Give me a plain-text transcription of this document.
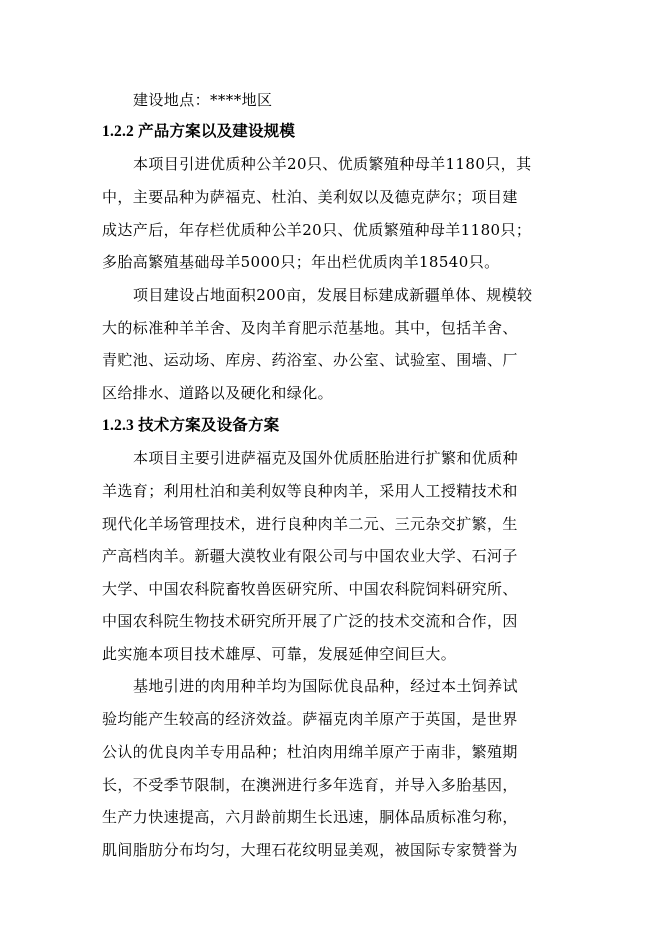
建设地点：****地区
1.2.2 产品方案以及建设规模
本项目引进优质种公羊20只、优质繁殖种母羊1180只，其
中，主要品种为萨福克、杜泊、美利奴以及德克萨尔；项目建
成达产后，年存栏优质种公羊20只、优质繁殖种母羊1180只；
多胎高繁殖基础母羊5000只；年出栏优质肉羊18540只。
项目建设占地面积200亩，发展目标建成新疆单体、规模较
大的标准种羊羊舍、及肉羊育肥示范基地。其中，包括羊舍、
青贮池、运动场、库房、药浴室、办公室、试验室、围墙、厂
区给排水、道路以及硬化和绿化。
1.2.3 技术方案及设备方案
本项目主要引进萨福克及国外优质胚胎进行扩繁和优质种
羊选育；利用杜泊和美利奴等良种肉羊，采用人工授精技术和
现代化羊场管理技术，进行良种肉羊二元、三元杂交扩繁，生
产高档肉羊。新疆大漠牧业有限公司与中国农业大学、石河子
大学、中国农科院畜牧兽医研究所、中国农科院饲料研究所、
中国农科院生物技术研究所开展了广泛的技术交流和合作，因
此实施本项目技术雄厚、可靠，发展延伸空间巨大。
基地引进的肉用种羊均为国际优良品种，经过本土饲养试
验均能产生较高的经济效益。萨福克肉羊原产于英国，是世界
公认的优良肉羊专用品种；杜泊肉用绵羊原产于南非，繁殖期
长，不受季节限制，在澳洲进行多年选育，并导入多胎基因，
生产力快速提高，六月龄前期生长迅速，胴体品质标准匀称，
肌间脂肪分布均匀，大理石花纹明显美观，被国际专家赞誉为
